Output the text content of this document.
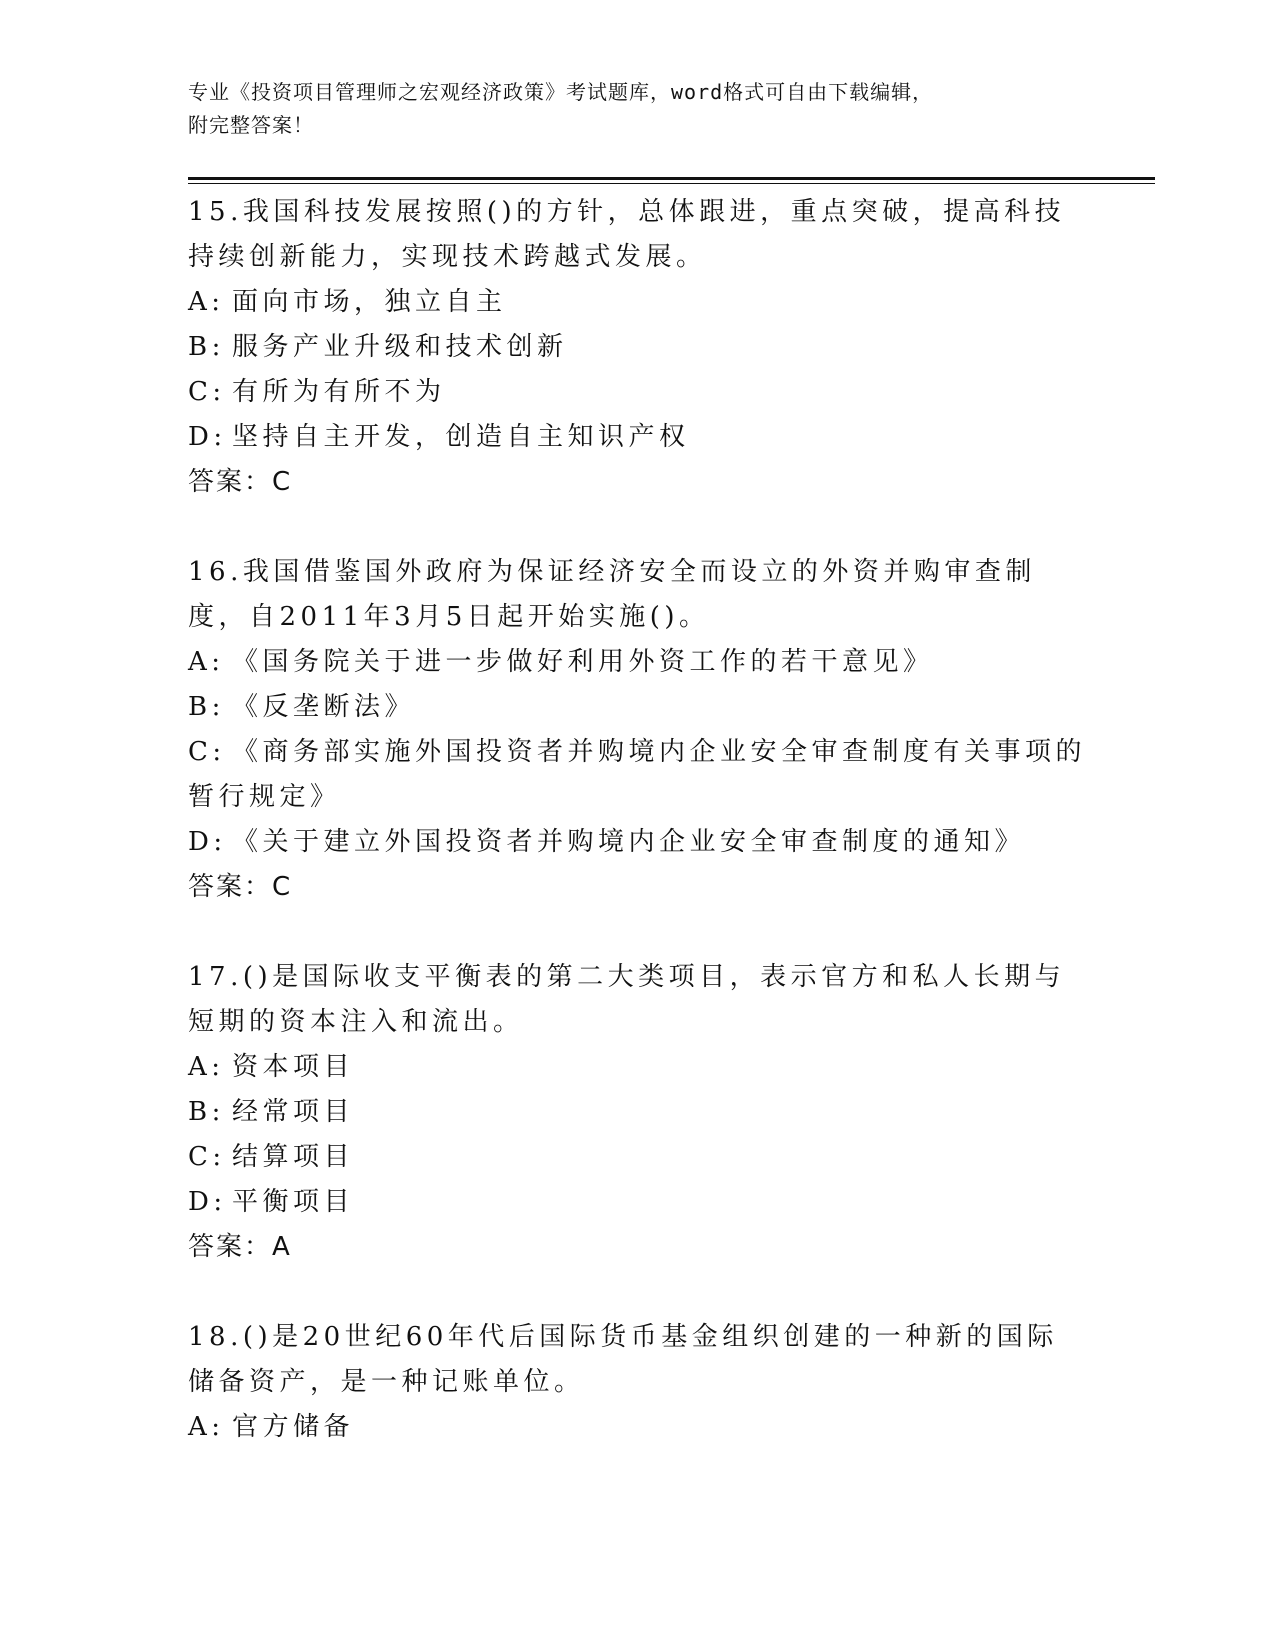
专业《投资项目管理师之宏观经济政策》考试题库，word格式可自由下载编辑，
附完整答案！

15.我国科技发展按照()的方针，总体跟进，重点突破，提高科技持续创新能力，实现技术跨越式发展。

A: 面向市场，独立自主

B: 服务产业升级和技术创新

C: 有所为有所不为

D: 坚持自主开发，创造自主知识产权

答案：C

16.我国借鉴国外政府为保证经济安全而设立的外资并购审查制度，自2011年3月5日起开始实施()。

A: 《国务院关于进一步做好利用外资工作的若干意见》

B: 《反垄断法》

C: 《商务部实施外国投资者并购境内企业安全审查制度有关事项的暂行规定》

D: 《关于建立外国投资者并购境内企业安全审查制度的通知》

答案：C

17.()是国际收支平衡表的第二大类项目，表示官方和私人长期与短期的资本注入和流出。

A: 资本项目

B: 经常项目

C: 结算项目

D: 平衡项目

答案：A

18.()是20世纪60年代后国际货币基金组织创建的一种新的国际储备资产，是一种记账单位。

A: 官方储备
